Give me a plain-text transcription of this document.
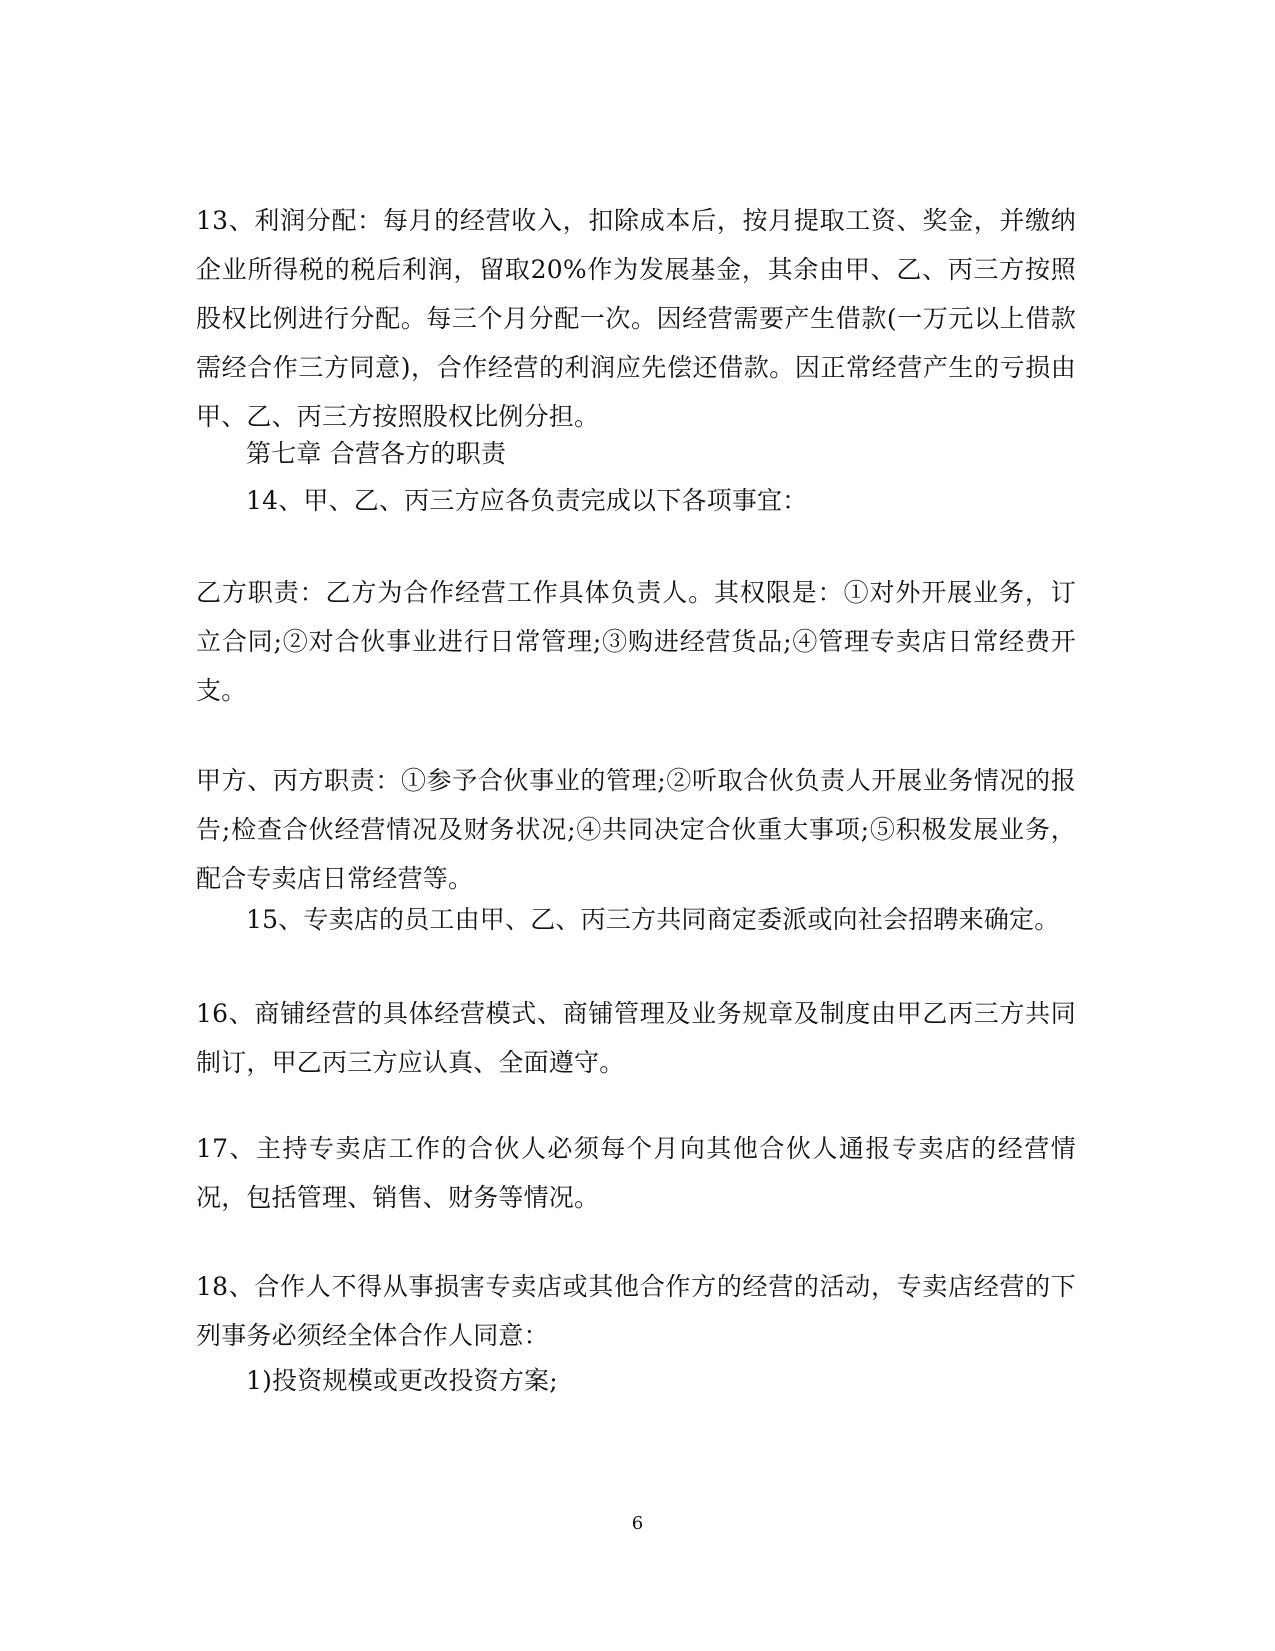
13、利润分配：每月的经营收入，扣除成本后，按月提取工资、奖金，并缴纳企业所得税的税后利润，留取20%作为发展基金，其余由甲、乙、丙三方按照股权比例进行分配。每三个月分配一次。因经营需要产生借款(一万元以上借款需经合作三方同意)，合作经营的利润应先偿还借款。因正常经营产生的亏损由甲、乙、丙三方按照股权比例分担。

第七章 合营各方的职责

14、甲、乙、丙三方应各负责完成以下各项事宜：

乙方职责：乙方为合作经营工作具体负责人。其权限是：①对外开展业务，订立合同;②对合伙事业进行日常管理;③购进经营货品;④管理专卖店日常经费开支。

甲方、丙方职责：①参予合伙事业的管理;②听取合伙负责人开展业务情况的报告;检查合伙经营情况及财务状况;④共同决定合伙重大事项;⑤积极发展业务，配合专卖店日常经营等。

15、专卖店的员工由甲、乙、丙三方共同商定委派或向社会招聘来确定。

16、商铺经营的具体经营模式、商铺管理及业务规章及制度由甲乙丙三方共同制订，甲乙丙三方应认真、全面遵守。

17、主持专卖店工作的合伙人必须每个月向其他合伙人通报专卖店的经营情况，包括管理、销售、财务等情况。

18、合作人不得从事损害专卖店或其他合作方的经营的活动，专卖店经营的下列事务必须经全体合作人同意：

1)投资规模或更改投资方案;

6
